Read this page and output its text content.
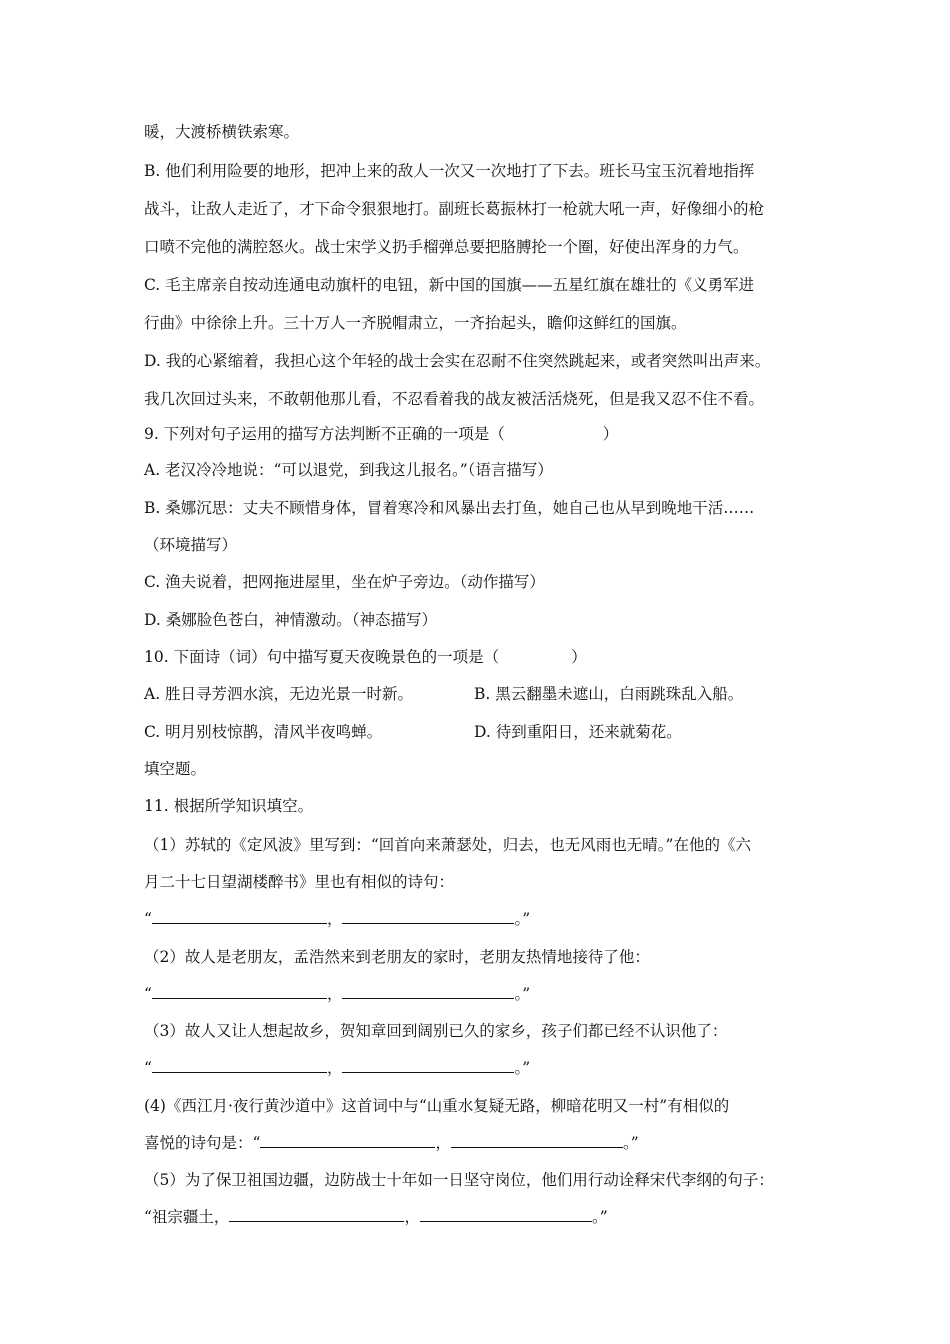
暖，大渡桥横铁索寒。
B. 他们利用险要的地形，把冲上来的敌人一次又一次地打了下去。班长马宝玉沉着地指挥
战斗，让敌人走近了，才下命令狠狠地打。副班长葛振林打一枪就大吼一声，好像细小的枪
口喷不完他的满腔怒火。战士宋学义扔手榴弹总要把胳膊抡一个圈，好使出浑身的力气。
C. 毛主席亲自按动连通电动旗杆的电钮，新中国的国旗——五星红旗在雄壮的《义勇军进
行曲》中徐徐上升。三十万人一齐脱帽肃立，一齐抬起头，瞻仰这鲜红的国旗。
D. 我的心紧缩着，我担心这个年轻的战士会实在忍耐不住突然跳起来，或者突然叫出声来。
我几次回过头来，不敢朝他那儿看，不忍看着我的战友被活活烧死，但是我又忍不住不看。
9. 下列对句子运用的描写方法判断不正确的一项是（	）
A. 老汉冷冷地说：“可以退党，到我这儿报名。”（语言描写）
B. 桑娜沉思：丈夫不顾惜身体，冒着寒冷和风暴出去打鱼，她自己也从早到晚地干活……
（环境描写）
C. 渔夫说着，把网拖进屋里，坐在炉子旁边。（动作描写）
D. 桑娜脸色苍白，神情激动。（神态描写）
10. 下面诗（词）句中描写夏天夜晚景色的一项是（	）
A. 胜日寻芳泗水滨，无边光景一时新。	B. 黑云翻墨未遮山，白雨跳珠乱入船。
C. 明月别枝惊鹊，清风半夜鸣蝉。	D. 待到重阳日，还来就菊花。
填空题。
11. 根据所学知识填空。
（1）苏轼的《定风波》里写到：“回首向来萧瑟处，归去，也无风雨也无晴。”在他的《六
月二十七日望湖楼醉书》里也有相似的诗句：
“	，	。”
（2）故人是老朋友，孟浩然来到老朋友的家时，老朋友热情地接待了他：
“	，	。”
（3）故人又让人想起故乡，贺知章回到阔别已久的家乡，孩子们都已经不认识他了：
“	，	。”
(4)《西江月·夜行黄沙道中》这首词中与“山重水复疑无路，柳暗花明又一村”有相似的
喜悦的诗句是：“	，	。”
（5）为了保卫祖国边疆，边防战士十年如一日坚守岗位，他们用行动诠释宋代李纲的句子：
“祖宗疆土，	，	。”
